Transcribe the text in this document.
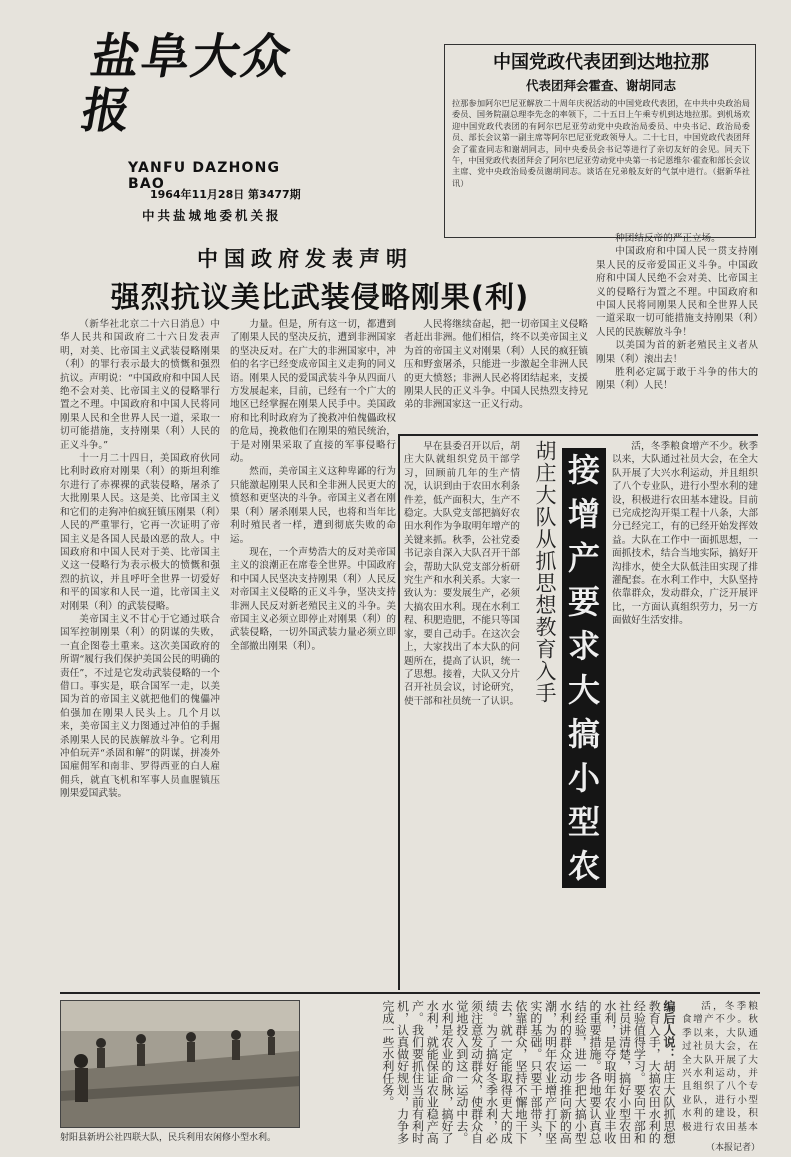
盐阜大众报
YANFU DAZHONG BAO
1964年11月28日 第3477期
中共盐城地委机关报
中国党政代表团到达地拉那
代表团拜会霍查、谢胡同志
拉那参加阿尔巴尼亚解放二十周年庆祝活动的中国党政代表团，在中共中央政治局委员、国务院副总理李先念的率领下，二十五日上午乘专机到达地拉那。到机场欢迎中国党政代表团的有阿尔巴尼亚劳动党中央政治局委员、中央书记、政治局委员、部长会议第一副主席等阿尔巴尼亚党政领导人。二十七日，中国党政代表团拜会了霍查同志和谢胡同志，同中央委员会书记等进行了亲切友好的会见。同天下午，中国党政代表团拜会了阿尔巴尼亚劳动党中央第一书记恩维尔·霍查和部长会议主席、党中央政治局委员谢胡同志。谈话在兄弟般友好的气氛中进行。（据新华社讯）
中国政府发表声明
强烈抗议美比武装侵略刚果(利)

（新华社北京二十六日消息）中华人民共和国政府二十六日发表声明，对美、比帝国主义武装侵略刚果（利）的罪行表示最大的愤慨和强烈抗议。声明说：“中国政府和中国人民绝不会对美、比帝国主义的侵略罪行置之不理。中国政府和中国人民将同刚果人民和全世界人民一道，采取一切可能措施，支持刚果（利）人民的正义斗争。”

十一月二十四日，美国政府伙同比利时政府对刚果（利）的斯坦利维尔进行了赤裸裸的武装侵略，屠杀了大批刚果人民。这是美、比帝国主义和它们的走狗冲伯疯狂镇压刚果（利）人民的严重罪行，它再一次证明了帝国主义是各国人民最凶恶的敌人。中国政府和中国人民对于美、比帝国主义这一侵略行为表示极大的愤慨和强烈的抗议，并且呼吁全世界一切爱好和平的国家和人民一道，比帝国主义对刚果（利）的武装侵略。

美帝国主义不甘心于它通过联合国军控制刚果（利）的阴谋的失败，一直企图卷土重来。这次美国政府的所谓“履行我们保护美国公民的明确的责任”，不过是它发动武装侵略的一个借口。事实是，联合国军一走，以美国为首的帝国主义就把他们的傀儡冲伯强加在刚果人民头上。几个月以来，美帝国主义力图通过冲伯的手掘杀刚果人民的民族解放斗争。它利用冲伯玩弄“杀固和解”的阴谋，拼凑外国雇佣军和南非、罗得西亚的白人雇佣兵，就直飞机和军事人员血腥镇压刚果爱国武装。

力量。但是，所有这一切，都遭到了刚果人民的坚决反抗，遭到非洲国家的坚决反对。在广大的非洲国家中，冲伯的名字已经变成帝国主义走狗的同义语。刚果人民的爱国武装斗争从四面八方发展起来，目前，已经有一个广大的地区已经掌握在刚果人民手中。美国政府和比利时政府为了挽救冲伯傀儡政权的危局，挽救他们在刚果的殖民统治，于是对刚果采取了直接的军事侵略行动。

然而，美帝国主义这种卑鄙的行为只能激起刚果人民和全非洲人民更大的愤怒和更坚决的斗争。帝国主义者在刚果（利）屠杀刚果人民，也将和当年比利时殖民者一样，遭到彻底失败的命运。

现在，一个声势浩大的反对美帝国主义的浪潮正在席卷全世界。中国政府和中国人民坚决支持刚果（利）人民反对帝国主义侵略的正义斗争，坚决支持非洲人民反对新老殖民主义的斗争。美帝国主义必须立即停止对刚果（利）的武装侵略，一切外国武装力量必须立即全部撤出刚果（利）。

人民将继续奋起，把一切帝国主义侵略者赶出非洲。他们相信，终不以美帝国主义为首的帝国主义对刚果（利）人民的疯狂镇压和野蛮屠杀，只能进一步激起全非洲人民的更大愤怒；非洲人民必将团结起来，支援刚果人民的正义斗争。中国人民热烈支持兄弟的非洲国家这一正义行动。

种团结反帝的严正立场。

中国政府和中国人民一贯支持刚果人民的反帝爱国正义斗争。中国政府和中国人民绝不会对美、比帝国主义的侵略行为置之不理。中国政府和中国人民将同刚果人民和全世界人民一道采取一切可能措施支持刚果（利）人民的民族解放斗争！

以美国为首的新老殖民主义者从刚果（利）滚出去！

胜利必定属于敢于斗争的伟大的刚果（利）人民！

胡庄大队从抓思想教育入手 接
增
产
要
求
大
搞
小
型
农

早在县委召开以后，胡庄大队就组织党员干部学习，回顾前几年的生产情况，认识到由于农田水利条件差，低产面积大，生产不稳定。大队党支部把搞好农田水利作为争取明年增产的关键来抓。秋季，公社党委书记亲自深入大队召开干部会，帮助大队党支部分析研究生产和水利关系。大家一致认为：要发展生产，必须大搞农田水利。现在水利工程、积肥造肥，不能只等国家，要自己动手。在这次会上，大家找出了本大队的问题所在，提高了认识，统一了思想。接着，大队又分片召开社员会议，讨论研究，使干部和社员统一了认识。

活，冬季粮食增产不少。秋季以来，大队通过社员大会，在全大队开展了大兴水利运动，并且组织了八个专业队，进行小型水利的建设，积极进行农田基本建设。目前已完成挖沟开渠工程十八条，大部分已经完工，有的已经开始发挥效益。大队在工作中一面抓思想，一面抓技术，结合当地实际，搞好开沟排水，使全大队低洼田实现了排灌配套。在水利工作中，大队坚持依靠群众，发动群众，广泛开展评比，一方面认真组织劳力，另一方面做好生活安排。

射阳县新坍公社四联大队，民兵利用农闲修小型水利。
编后人说：胡庄大队抓思想教育入手，大搞农田水利的经验值得学习。要向干部和社员讲清楚，搞好小型农田水利，是夺取明年农业丰收的重要措施。各地要认真总结经验，进一步把大搞小型水利的群众运动推向新的高潮，为明年农业增产打下坚实的基础。只要干部带头，依靠群众，坚持不懈地干下去，就一定能取得更大的成绩。为了搞好冬季水利，必须注意发动群众，使群众自觉地投入到这一运动中去。水利是农业的命脉，搞好了水利，就能保证农业稳产高产。我们要抓住当前有利时机，认真做好规划，力争多完成一些水利任务。	活，冬季粮食增产不少。秋季以来，大队通过社员大会，在全大队开展了大兴水利运动，并且组织了八个专业队，进行小型水利的建设，积极进行农田基本

（本报记者）
